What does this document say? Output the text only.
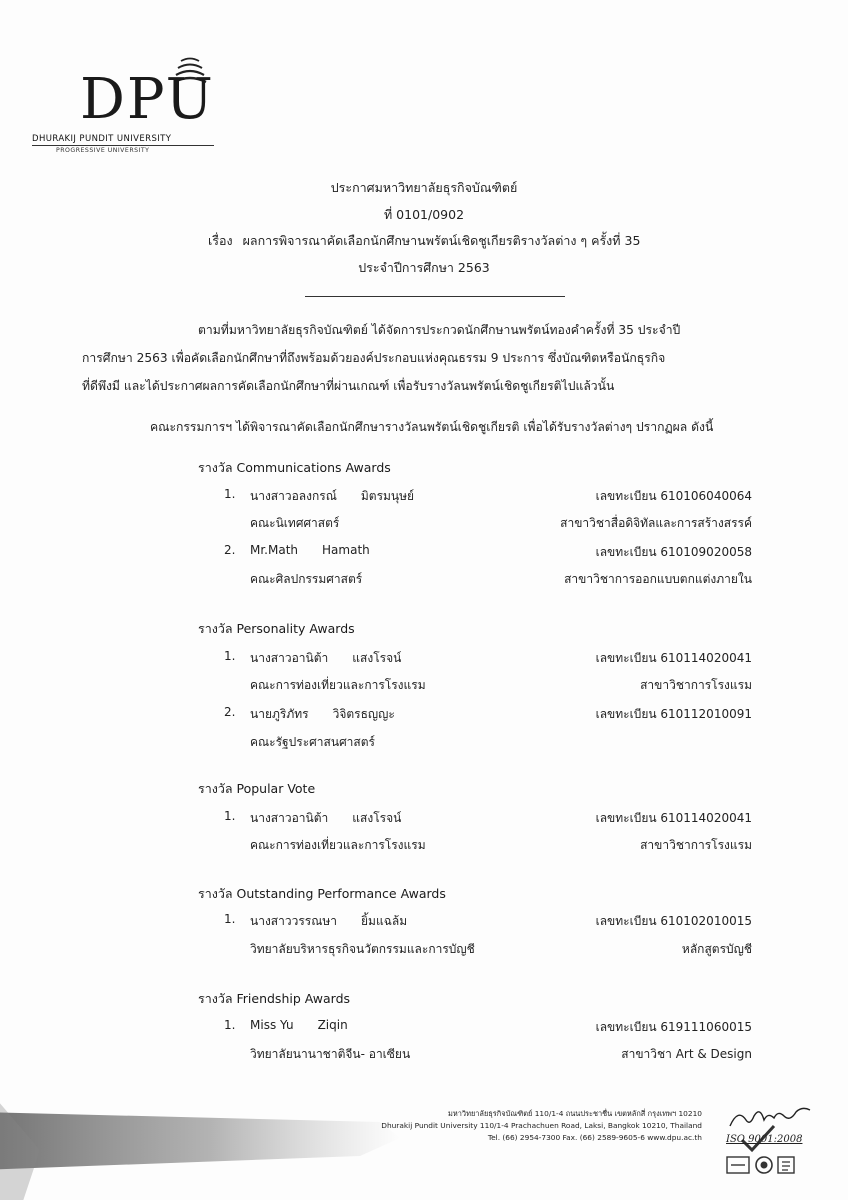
DPU
DHURAKIJ PUNDIT UNIVERSITY
PROGRESSIVE UNIVERSITY
ประกาศมหาวิทยาลัยธุรกิจบัณฑิตย์
ที่ 0101/0902
เรื่อง ผลการพิจารณาคัดเลือกนักศึกษานพรัตน์เชิดชูเกียรติรางวัลต่าง ๆ ครั้งที่ 35
ประจำปีการศึกษา 2563
ตามที่มหาวิทยาลัยธุรกิจบัณฑิตย์ ได้จัดการประกวดนักศึกษานพรัตน์ทองคำครั้งที่ 35 ประจำปี
การศึกษา 2563 เพื่อคัดเลือกนักศึกษาที่ถึงพร้อมด้วยองค์ประกอบแห่งคุณธรรม 9 ประการ ซึ่งบัณฑิตหรือนักธุรกิจ
ที่ดีพึงมี และได้ประกาศผลการคัดเลือกนักศึกษาที่ผ่านเกณฑ์ เพื่อรับรางวัลนพรัตน์เชิดชูเกียรติไปแล้วนั้น
คณะกรรมการฯ ได้พิจารณาคัดเลือกนักศึกษารางวัลนพรัตน์เชิดชูเกียรติ เพื่อได้รับรางวัลต่างๆ ปรากฏผล ดังนี้
รางวัล Communications Awards
1. นางสาวอลงกรณ์ มิตรมนุษย์	เลขทะเบียน 610106040064
คณะนิเทศศาสตร์	สาขาวิชาสื่อดิจิทัลและการสร้างสรรค์
2. Mr.Math Hamath	เลขทะเบียน 610109020058
คณะศิลปกรรมศาสตร์	สาขาวิชาการออกแบบตกแต่งภายใน
รางวัล Personality Awards
1. นางสาวอานิต้า แสงโรจน์	เลขทะเบียน 610114020041
คณะการท่องเที่ยวและการโรงแรม	สาขาวิชาการโรงแรม
2. นายภูริภัทร วิจิตรธญญะ	เลขทะเบียน 610112010091
คณะรัฐประศาสนศาสตร์
รางวัล Popular Vote
1. นางสาวอานิต้า แสงโรจน์	เลขทะเบียน 610114020041
คณะการท่องเที่ยวและการโรงแรม	สาขาวิชาการโรงแรม
รางวัล Outstanding Performance Awards
1. นางสาววรรณษา ยิ้มแฉล้ม	เลขทะเบียน 610102010015
วิทยาลัยบริหารธุรกิจนวัตกรรมและการบัญชี	หลักสูตรบัญชี
รางวัล Friendship Awards
1. Miss Yu Ziqin	เลขทะเบียน 619111060015
วิทยาลัยนานาชาติจีน- อาเซียน	สาขาวิชา Art & Design
มหาวิทยาลัยธุรกิจบัณฑิตย์ 110/1-4 ถนนประชาชื่น เขตหลักสี่ กรุงเทพฯ 10210
Dhurakij Pundit University 110/1-4 Prachachuen Road, Laksi, Bangkok 10210, Thailand
Tel. (66) 2954-7300 Fax. (66) 2589-9605-6 www.dpu.ac.th ISO 9001:2008
